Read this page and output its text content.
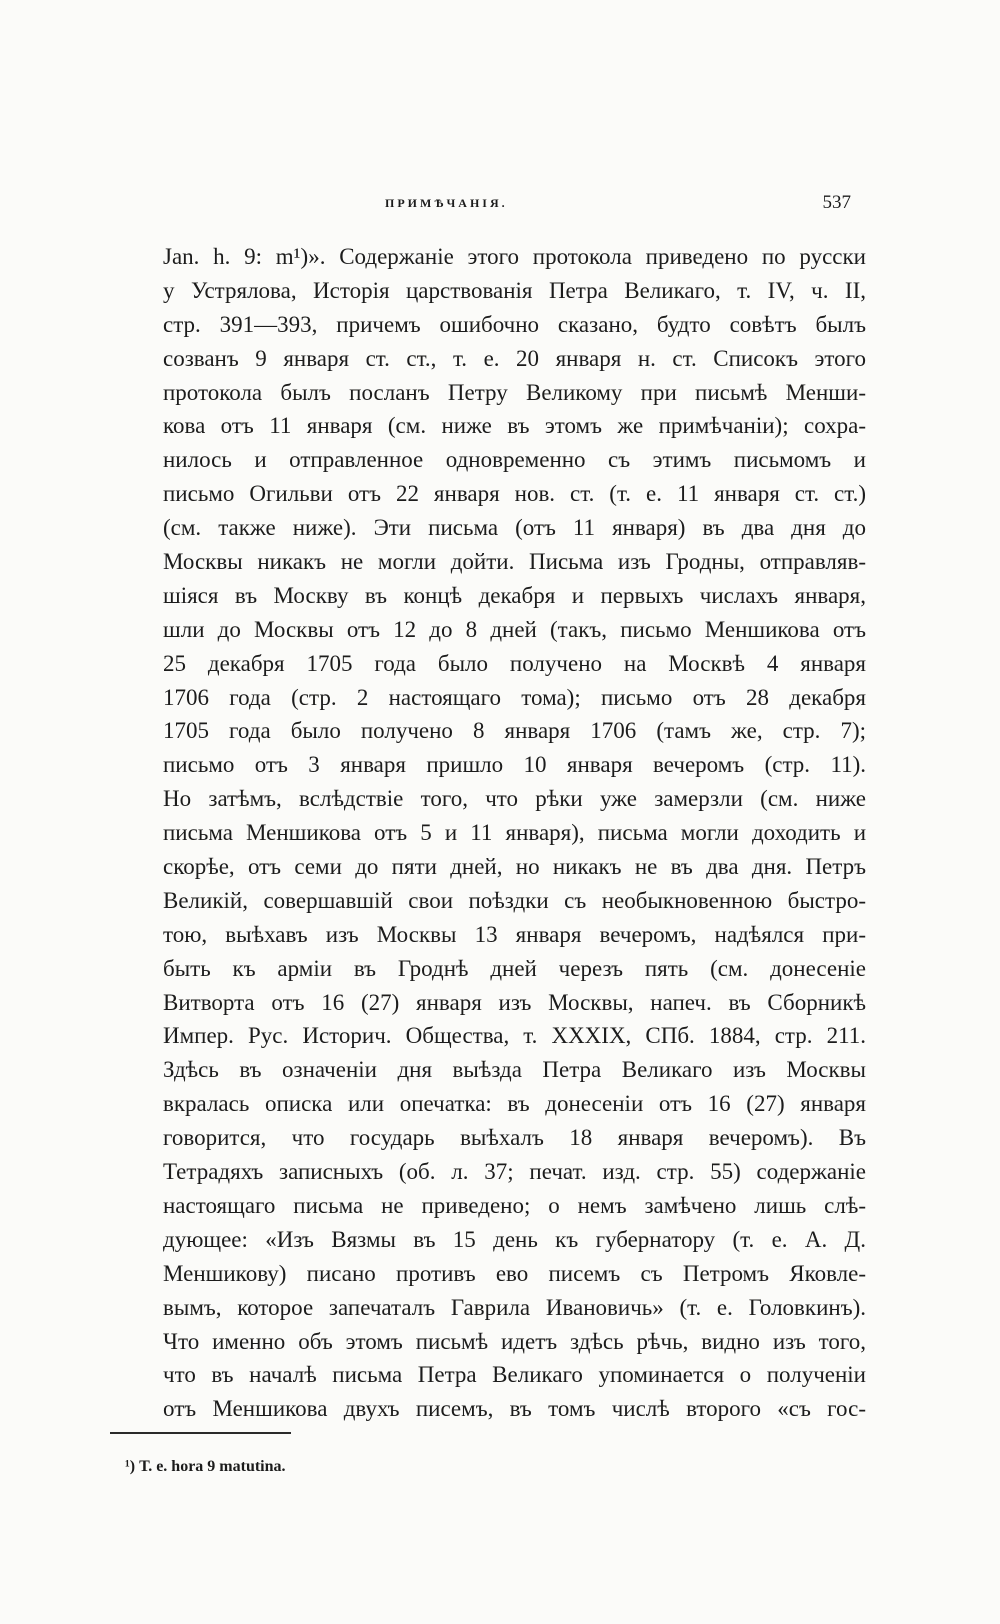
ПРИМѢЧАНІЯ.	537
Jan. h. 9: m¹)». Содержаніе этого протокола приведено по русски
у Устрялова, Исторія царствованія Петра Великаго, т. IV, ч. II,
стр. 391—393, причемъ ошибочно сказано, будто совѣтъ былъ
созванъ 9 января ст. ст., т. е. 20 января н. ст. Списокъ этого
протокола былъ посланъ Петру Великому при письмѣ Менши-
кова отъ 11 января (см. ниже въ этомъ же примѣчаніи); сохра-
нилось и отправленное одновременно съ этимъ письмомъ и
письмо Огильви отъ 22 января нов. ст. (т. е. 11 января ст. ст.)
(см. также ниже). Эти письма (отъ 11 января) въ два дня до
Москвы никакъ не могли дойти. Письма изъ Гродны, отправляв-
шіяся въ Москву въ концѣ декабря и первыхъ числахъ января,
шли до Москвы отъ 12 до 8 дней (такъ, письмо Меншикова отъ
25 декабря 1705 года было получено на Москвѣ 4 января
1706 года (стр. 2 настоящаго тома); письмо отъ 28 декабря
1705 года было получено 8 января 1706 (тамъ же, стр. 7);
письмо отъ 3 января пришло 10 января вечеромъ (стр. 11).
Но затѣмъ, вслѣдствіе того, что рѣки уже замерзли (см. ниже
письма Меншикова отъ 5 и 11 января), письма могли доходить и
скорѣе, отъ семи до пяти дней, но никакъ не въ два дня. Петръ
Великій, совершавшій свои поѣздки съ необыкновенною быстро-
тою, выѣхавъ изъ Москвы 13 января вечеромъ, надѣялся при-
быть къ арміи въ Гроднѣ дней черезъ пять (см. донесеніе
Витворта отъ 16 (27) января изъ Москвы, напеч. въ Сборникѣ
Импер. Рус. Историч. Общества, т. XXXIX, СПб. 1884, стр. 211.
Здѣсь въ означеніи дня выѣзда Петра Великаго изъ Москвы
вкралась описка или опечатка: въ донесеніи отъ 16 (27) января
говорится, что государь выѣхалъ 18 января вечеромъ). Въ
Тетрадяхъ записныхъ (об. л. 37; печат. изд. стр. 55) содержаніе
настоящаго письма не приведено; о немъ замѣчено лишь слѣ-
дующее: «Изъ Вязмы въ 15 день къ губернатору (т. е. А. Д.
Меншикову) писано противъ ево писемъ съ Петромъ Яковле-
вымъ, которое запечаталъ Гаврила Ивановичь» (т. е. Головкинъ).
Что именно объ этомъ письмѣ идетъ здѣсь рѣчь, видно изъ того,
что въ началѣ письма Петра Великаго упоминается о полученіи
отъ Меншикова двухъ писемъ, въ томъ числѣ второго «съ гос-
¹) Т. е. hora 9 matutina.
